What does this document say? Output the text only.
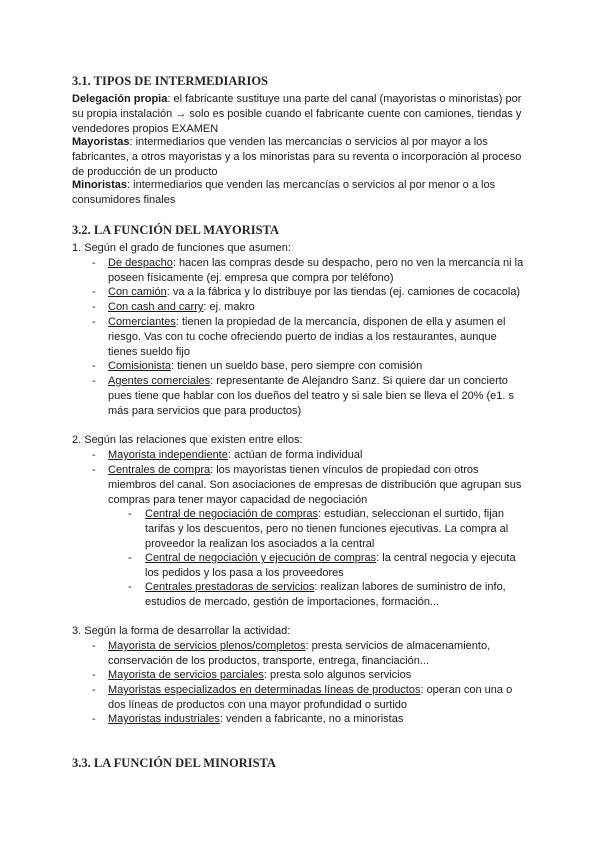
3.1. TIPOS DE INTERMEDIARIOS
Delegación propia: el fabricante sustituye una parte del canal (mayoristas o minoristas) por
su propia instalación → solo es posible cuando el fabricante cuente con camiones, tiendas y
vendedores propios EXAMEN
Mayoristas: intermediarios que venden las mercancías o servicios al por mayor a los
fabricantes, a otros mayoristas y a los minoristas para su reventa o incorporación al proceso
de producción de un producto
Minoristas: intermediarios que venden las mercancías o servicios al por menor o a los
consumidores finales
3.2. LA FUNCIÓN DEL MAYORISTA
1. Según el grado de funciones que asumen:
- De despacho: hacen las compras desde su despacho, pero no ven la mercancía ni la
poseen físicamente (ej. empresa que compra por teléfono)
- Con camión: va a la fábrica y lo distribuye por las tiendas (ej. camiones de cocacola)
- Con cash and carry: ej. makro
- Comerciantes: tienen la propiedad de la mercancía, disponen de ella y asumen el
riesgo. Vas con tu coche ofreciendo puerto de indias a los restaurantes, aunque
tienes sueldo fijo
- Comisionista: tienen un sueldo base, pero siempre con comisión
- Agentes comerciales: representante de Alejandro Sanz. Si quiere dar un concierto
pues tiene que hablar con los dueños del teatro y si sale bien se lleva el 20% (e1. s
más para servicios que para productos)
2. Según las relaciones que existen entre ellos:
- Mayorista independiente: actúan de forma individual
- Centrales de compra: los mayoristas tienen vínculos de propiedad con otros
miembros del canal. Son asociaciones de empresas de distribución que agrupan sus
compras para tener mayor capacidad de negociación
- Central de negociación de compras: estudian, seleccionan el surtido, fijan
tarifas y los descuentos, pero no tienen funciones ejecutivas. La compra al
proveedor la realizan los asociados a la central
- Central de negociación y ejecución de compras: la central negocia y ejecuta
los pedidos y los pasa a los proveedores
- Centrales prestadoras de servicios: realizan labores de suministro de info,
estudios de mercado, gestión de importaciones, formación...
3. Según la forma de desarrollar la actividad:
- Mayorista de servicios plenos/completos: presta servicios de almacenamiento,
conservación de los productos, transporte, entrega, financiación...
- Mayorista de servicios parciales: presta solo algunos servicios
- Mayoristas especializados en determinadas líneas de productos: operan con una o
dos líneas de productos con una mayor profundidad o surtido
- Mayoristas industriales: venden a fabricante, no a minoristas
3.3. LA FUNCIÓN DEL MINORISTA
